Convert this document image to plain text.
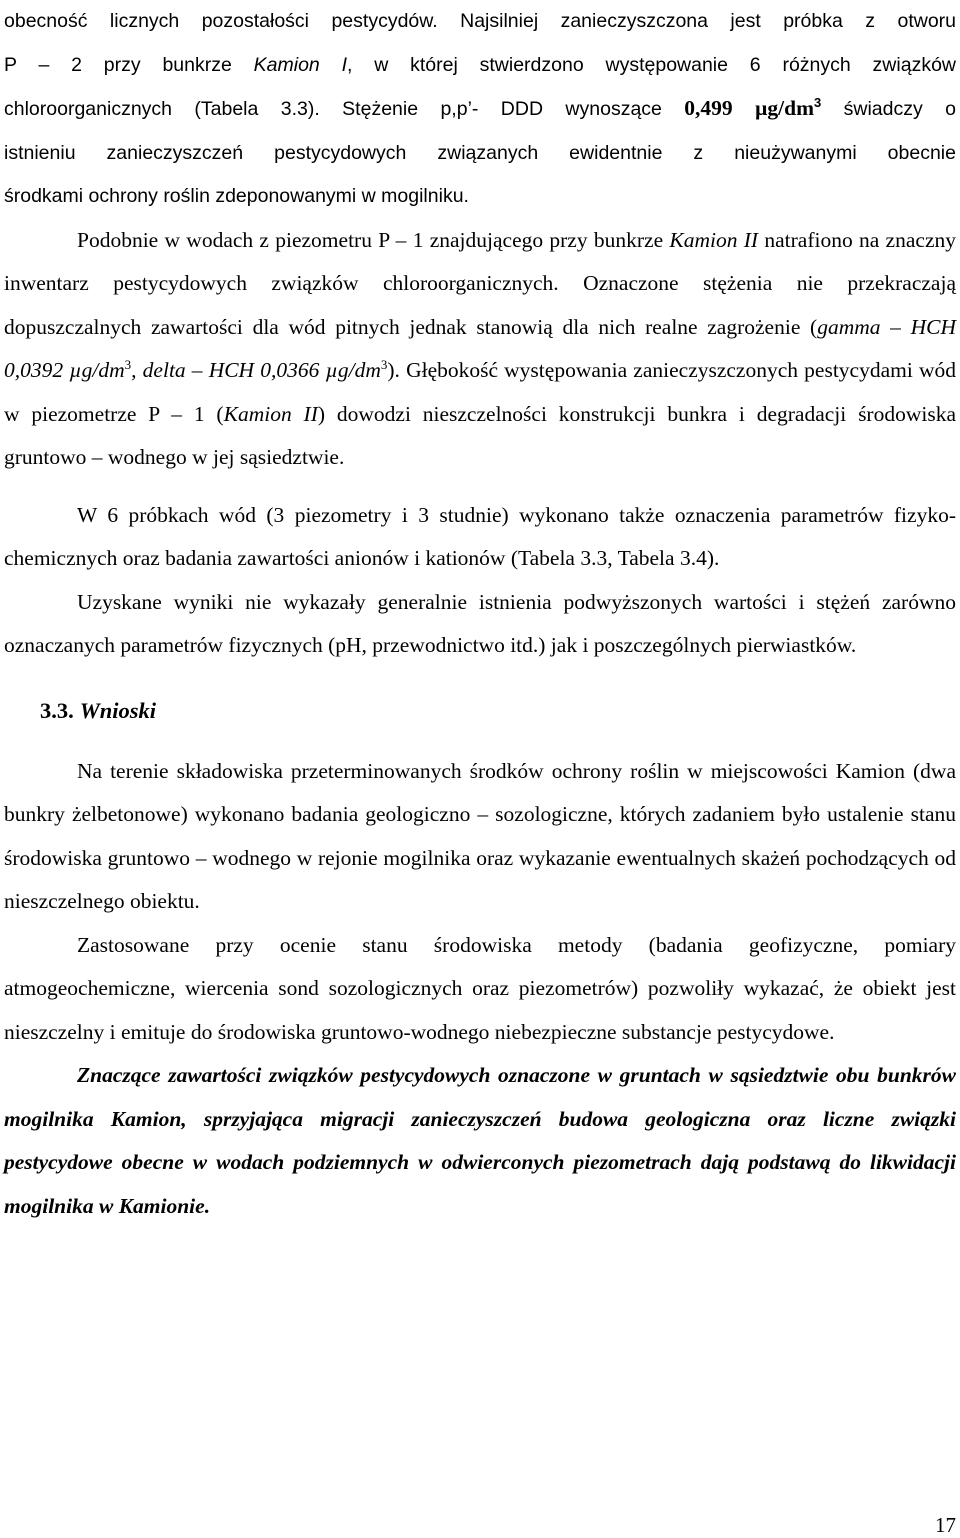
obecność licznych pozostałości pestycydów. Najsilniej zanieczyszczona jest próbka z otworu
P – 2 przy bunkrze Kamion I, w której stwierdzono występowanie 6 różnych związków
chloroorganicznych (Tabela 3.3). Stężenie p,p’- DDD wynoszące 0,499 $\mu g/dm^3$ świadczy o
istnieniu zanieczyszczeń pestycydowych związanych ewidentnie z nieużywanymi obecnie
środkami ochrony roślin zdeponowanymi w mogilniku.

Podobnie w wodach z piezometru P – 1 znajdującego przy bunkrze Kamion II natrafiono na znaczny inwentarz pestycydowych związków chloroorganicznych. Oznaczone stężenia nie przekraczają dopuszczalnych zawartości dla wód pitnych jednak stanowią dla nich realne zagrożenie (gamma – HCH 0,0392 $\mu g/dm^3$, delta – HCH 0,0366 $\mu g/dm^3$). Głębokość występowania zanieczyszczonych pestycydami wód w piezometrze P – 1 (Kamion II) dowodzi nieszczelności konstrukcji bunkra i degradacji środowiska gruntowo – wodnego w jej sąsiedztwie.

W 6 próbkach wód (3 piezometry i 3 studnie) wykonano także oznaczenia parametrów fizyko-chemicznych oraz badania zawartości anionów i kationów (Tabela 3.3, Tabela 3.4).

Uzyskane wyniki nie wykazały generalnie istnienia podwyższonych wartości i stężeń zarówno oznaczanych parametrów fizycznych (pH, przewodnictwo itd.) jak i poszczególnych pierwiastków.

3.3. Wnioski

Na terenie składowiska przeterminowanych środków ochrony roślin w miejscowości Kamion (dwa bunkry żelbetonowe) wykonano badania geologiczno – sozologiczne, których zadaniem było ustalenie stanu środowiska gruntowo – wodnego w rejonie mogilnika oraz wykazanie ewentualnych skażeń pochodzących od nieszczelnego obiektu.

Zastosowane przy ocenie stanu środowiska metody (badania geofizyczne, pomiary atmogeochemiczne, wiercenia sond sozologicznych oraz piezometrów) pozwoliły wykazać, że obiekt jest nieszczelny i emituje do środowiska gruntowo-wodnego niebezpieczne substancje pestycydowe.

Znaczące zawartości związków pestycydowych oznaczone w gruntach w sąsiedztwie obu bunkrów mogilnika Kamion, sprzyjająca migracji zanieczyszczeń budowa geologiczna oraz liczne związki pestycydowe obecne w wodach podziemnych w odwierconych piezometrach dają podstawą do likwidacji mogilnika w Kamionie.

17
